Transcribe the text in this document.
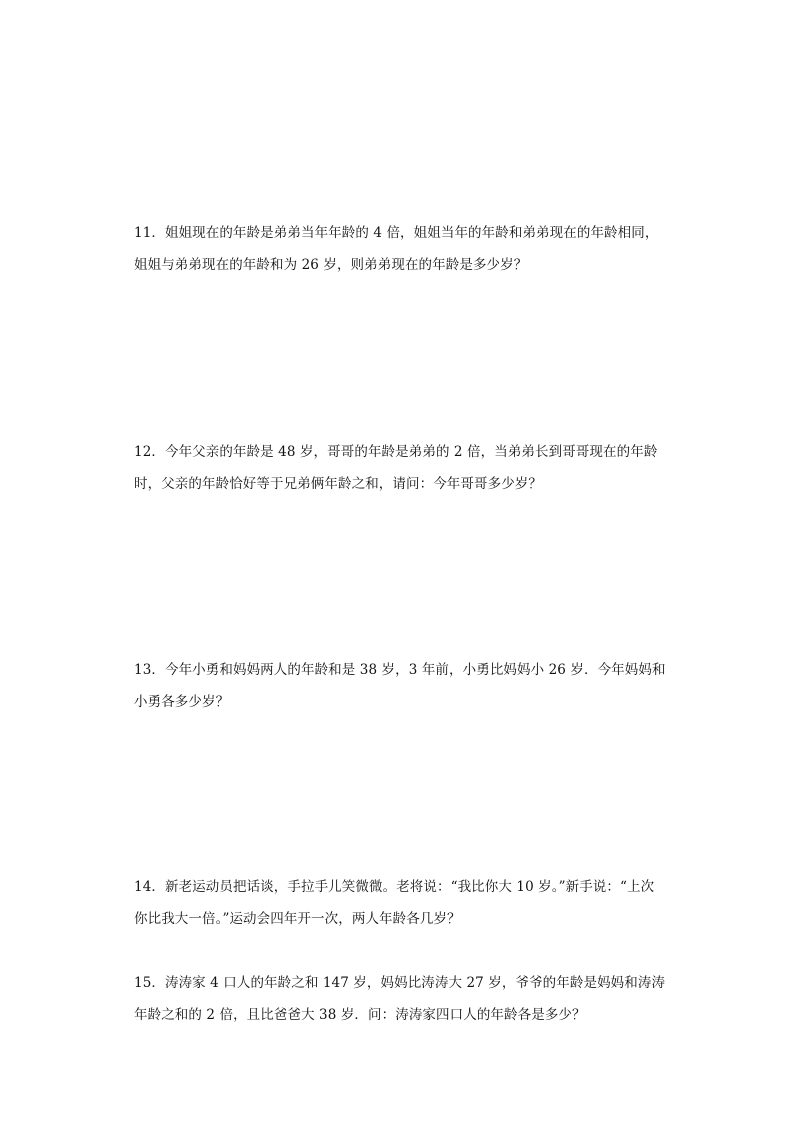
11．姐姐现在的年龄是弟弟当年年龄的 4 倍，姐姐当年的年龄和弟弟现在的年龄相同，
姐姐与弟弟现在的年龄和为 26 岁，则弟弟现在的年龄是多少岁？
12．今年父亲的年龄是 48 岁，哥哥的年龄是弟弟的 2 倍，当弟弟长到哥哥现在的年龄
时，父亲的年龄恰好等于兄弟俩年龄之和，请问：今年哥哥多少岁？
13．今年小勇和妈妈两人的年龄和是 38 岁，3 年前，小勇比妈妈小 26 岁．今年妈妈和
小勇各多少岁？
14．新老运动员把话谈，手拉手儿笑微微。老将说：“我比你大 10 岁。”新手说：“上次
你比我大一倍。”运动会四年开一次，两人年龄各几岁？
15．涛涛家 4 口人的年龄之和 147 岁，妈妈比涛涛大 27 岁，爷爷的年龄是妈妈和涛涛
年龄之和的 2 倍，且比爸爸大 38 岁．问：涛涛家四口人的年龄各是多少？
